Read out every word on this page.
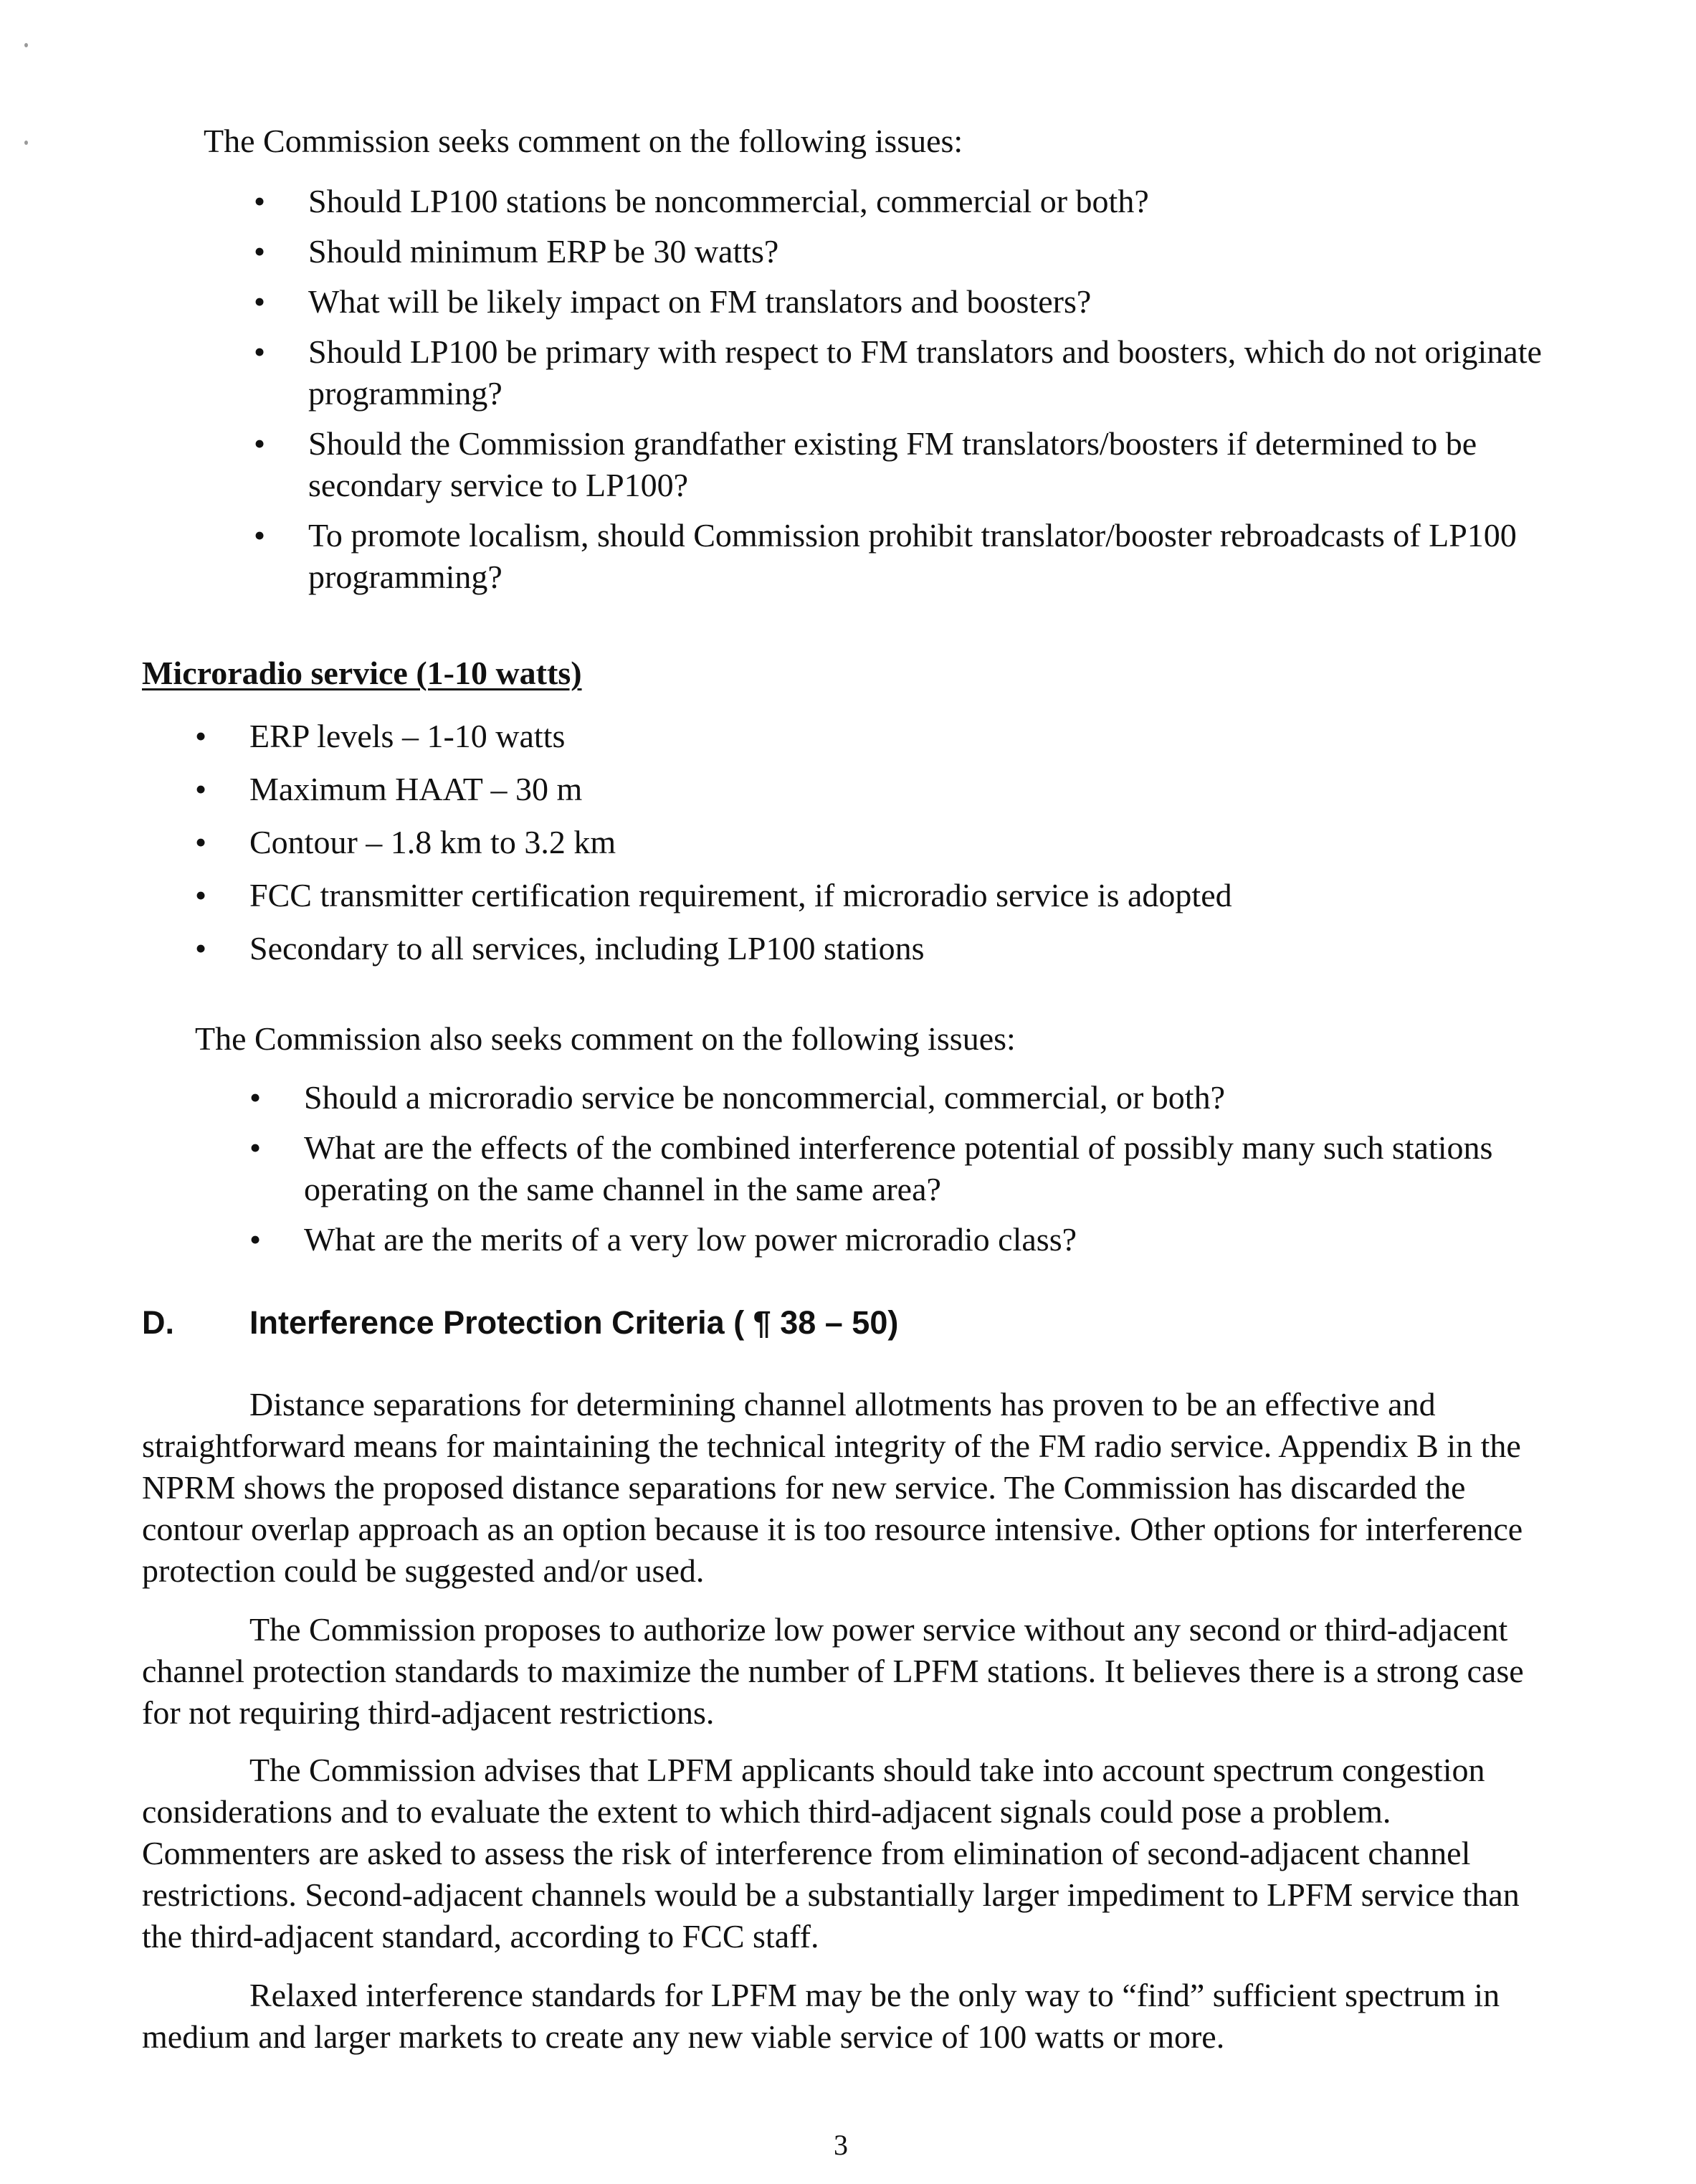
The Commission seeks comment on the following issues:
• Should LP100 stations be noncommercial, commercial or both?
• Should minimum ERP be 30 watts?
• What will be likely impact on FM translators and boosters?
• Should LP100 be primary with respect to FM translators and boosters, which do not originate programming?
• Should the Commission grandfather existing FM translators/boosters if determined to be secondary service to LP100?
• To promote localism, should Commission prohibit translator/booster rebroadcasts of LP100 programming?
Microradio service (1-10 watts)
• ERP levels – 1-10 watts
• Maximum HAAT – 30 m
• Contour – 1.8 km to 3.2 km
• FCC transmitter certification requirement, if microradio service is adopted
• Secondary to all services, including LP100 stations
The Commission also seeks comment on the following issues:
• Should a microradio service be noncommercial, commercial, or both?
• What are the effects of the combined interference potential of possibly many such stations operating on the same channel in the same area?
• What are the merits of a very low power microradio class?
D. Interference Protection Criteria ( ¶ 38 – 50)

Distance separations for determining channel allotments has proven to be an effective and straightforward means for maintaining the technical integrity of the FM radio service. Appendix B in the NPRM shows the proposed distance separations for new service. The Commission has discarded the contour overlap approach as an option because it is too resource intensive. Other options for interference protection could be suggested and/or used.

The Commission proposes to authorize low power service without any second or third-adjacent channel protection standards to maximize the number of LPFM stations. It believes there is a strong case for not requiring third-adjacent restrictions.

The Commission advises that LPFM applicants should take into account spectrum congestion considerations and to evaluate the extent to which third-adjacent signals could pose a problem. Commenters are asked to assess the risk of interference from elimination of second-adjacent channel restrictions. Second-adjacent channels would be a substantially larger impediment to LPFM service than the third-adjacent standard, according to FCC staff.

Relaxed interference standards for LPFM may be the only way to “find” sufficient spectrum in medium and larger markets to create any new viable service of 100 watts or more.

3
